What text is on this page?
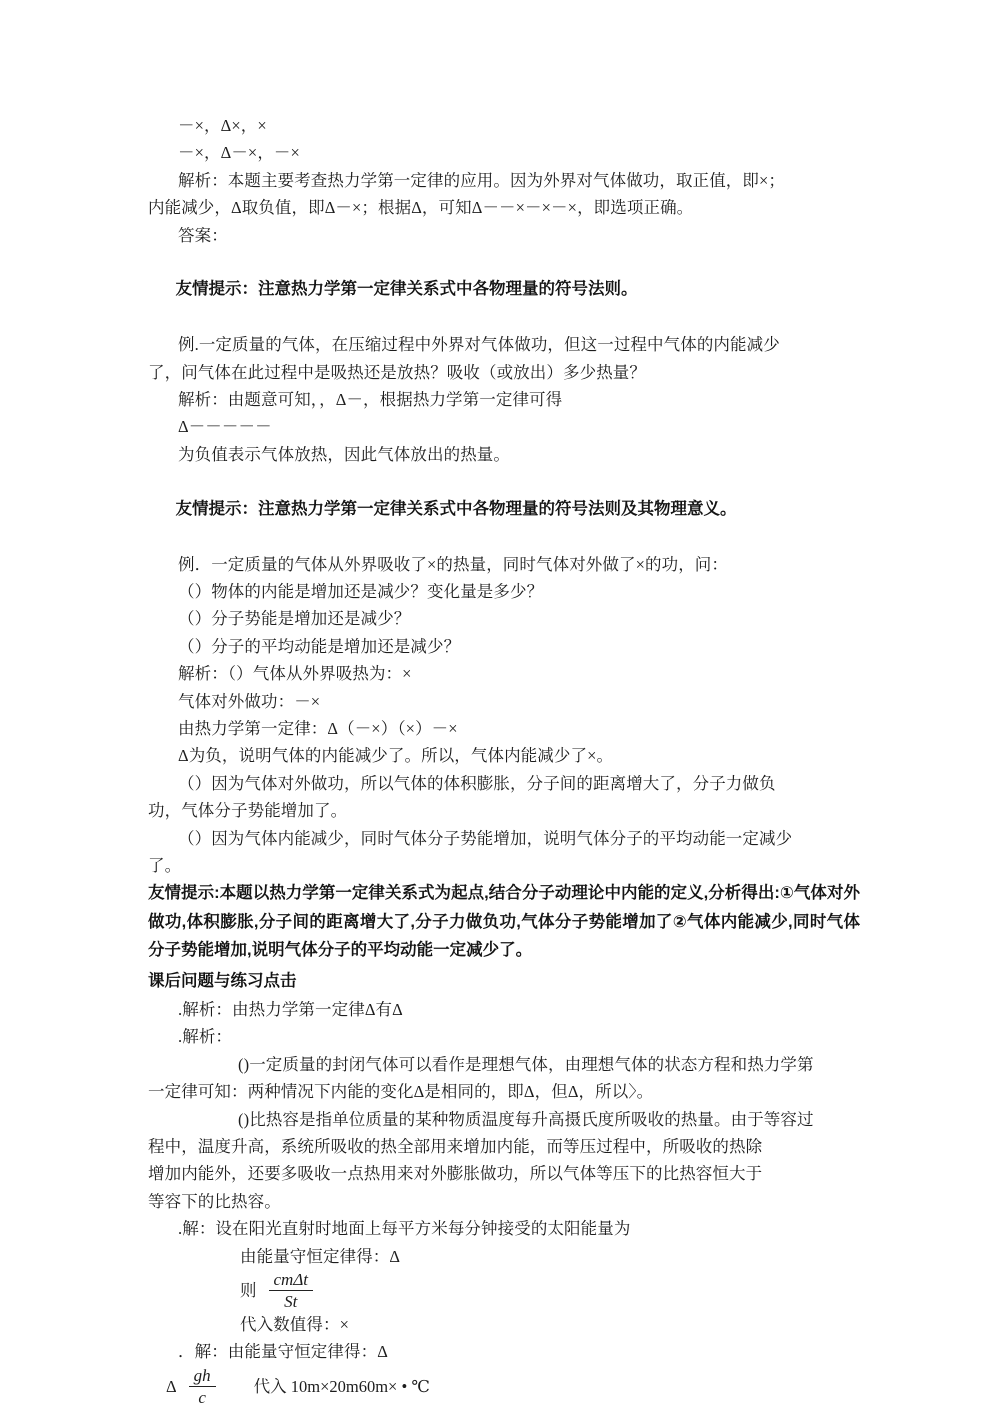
－×，Δ×，×
－×，Δ－×，－×
解析：本题主要考查热力学第一定律的应用。因为外界对气体做功，取正值，即×；
内能减少，Δ取负值，即Δ－×；根据Δ，可知Δ－－×－×－×，即选项正确。
答案：

友情提示：注意热力学第一定律关系式中各物理量的符号法则。

例.一定质量的气体，在压缩过程中外界对气体做功，但这一过程中气体的内能减少
了，问气体在此过程中是吸热还是放热？吸收（或放出）多少热量？
解析：由题意可知，，Δ－，根据热力学第一定律可得
Δ－－－－－
为负值表示气体放热，因此气体放出的热量。

友情提示：注意热力学第一定律关系式中各物理量的符号法则及其物理意义。

例．一定质量的气体从外界吸收了×的热量，同时气体对外做了×的功，问：
（）物体的内能是增加还是减少？变化量是多少？
（）分子势能是增加还是减少？
（）分子的平均动能是增加还是减少？
解析：（）气体从外界吸热为：×
气体对外做功：－×
由热力学第一定律：Δ（－×）（×）－×
Δ为负，说明气体的内能减少了。所以，气体内能减少了×。
（）因为气体对外做功，所以气体的体积膨胀，分子间的距离增大了，分子力做负
功，气体分子势能增加了。
（）因为气体内能减少，同时气体分子势能增加，说明气体分子的平均动能一定减少
了。
友情提示:本题以热力学第一定律关系式为起点,结合分子动理论中内能的定义,分析得出:①气体对外做功,体积膨胀,分子间的距离增大了,分子力做负功,气体分子势能增加了②气体内能减少,同时气体分子势能增加,说明气体分子的平均动能一定减少了。
课后问题与练习点击
.解析：由热力学第一定律Δ有Δ
.解析：
()一定质量的封闭气体可以看作是理想气体，由理想气体的状态方程和热力学第
一定律可知：两种情况下内能的变化Δ是相同的，即Δ，但Δ，所以〉。
()比热容是指单位质量的某种物质温度每升高摄氏度所吸收的热量。由于等容过
程中，温度升高，系统所吸收的热全部用来增加内能，而等压过程中，所吸收的热除
增加内能外，还要多吸收一点热用来对外膨胀做功，所以气体等压下的比热容恒大于
等容下的比热容。
.解：设在阳光直射时地面上每平方米每分钟接受的太阳能量为
由能量守恒定律得：Δ
则 $\frac{\text{cmΔt}}{St}$
代入数值得：×
．解：由能量守恒定律得：Δ
Δ $\frac{gh}{c}$ 代入 10m×20m60m× • ℃
